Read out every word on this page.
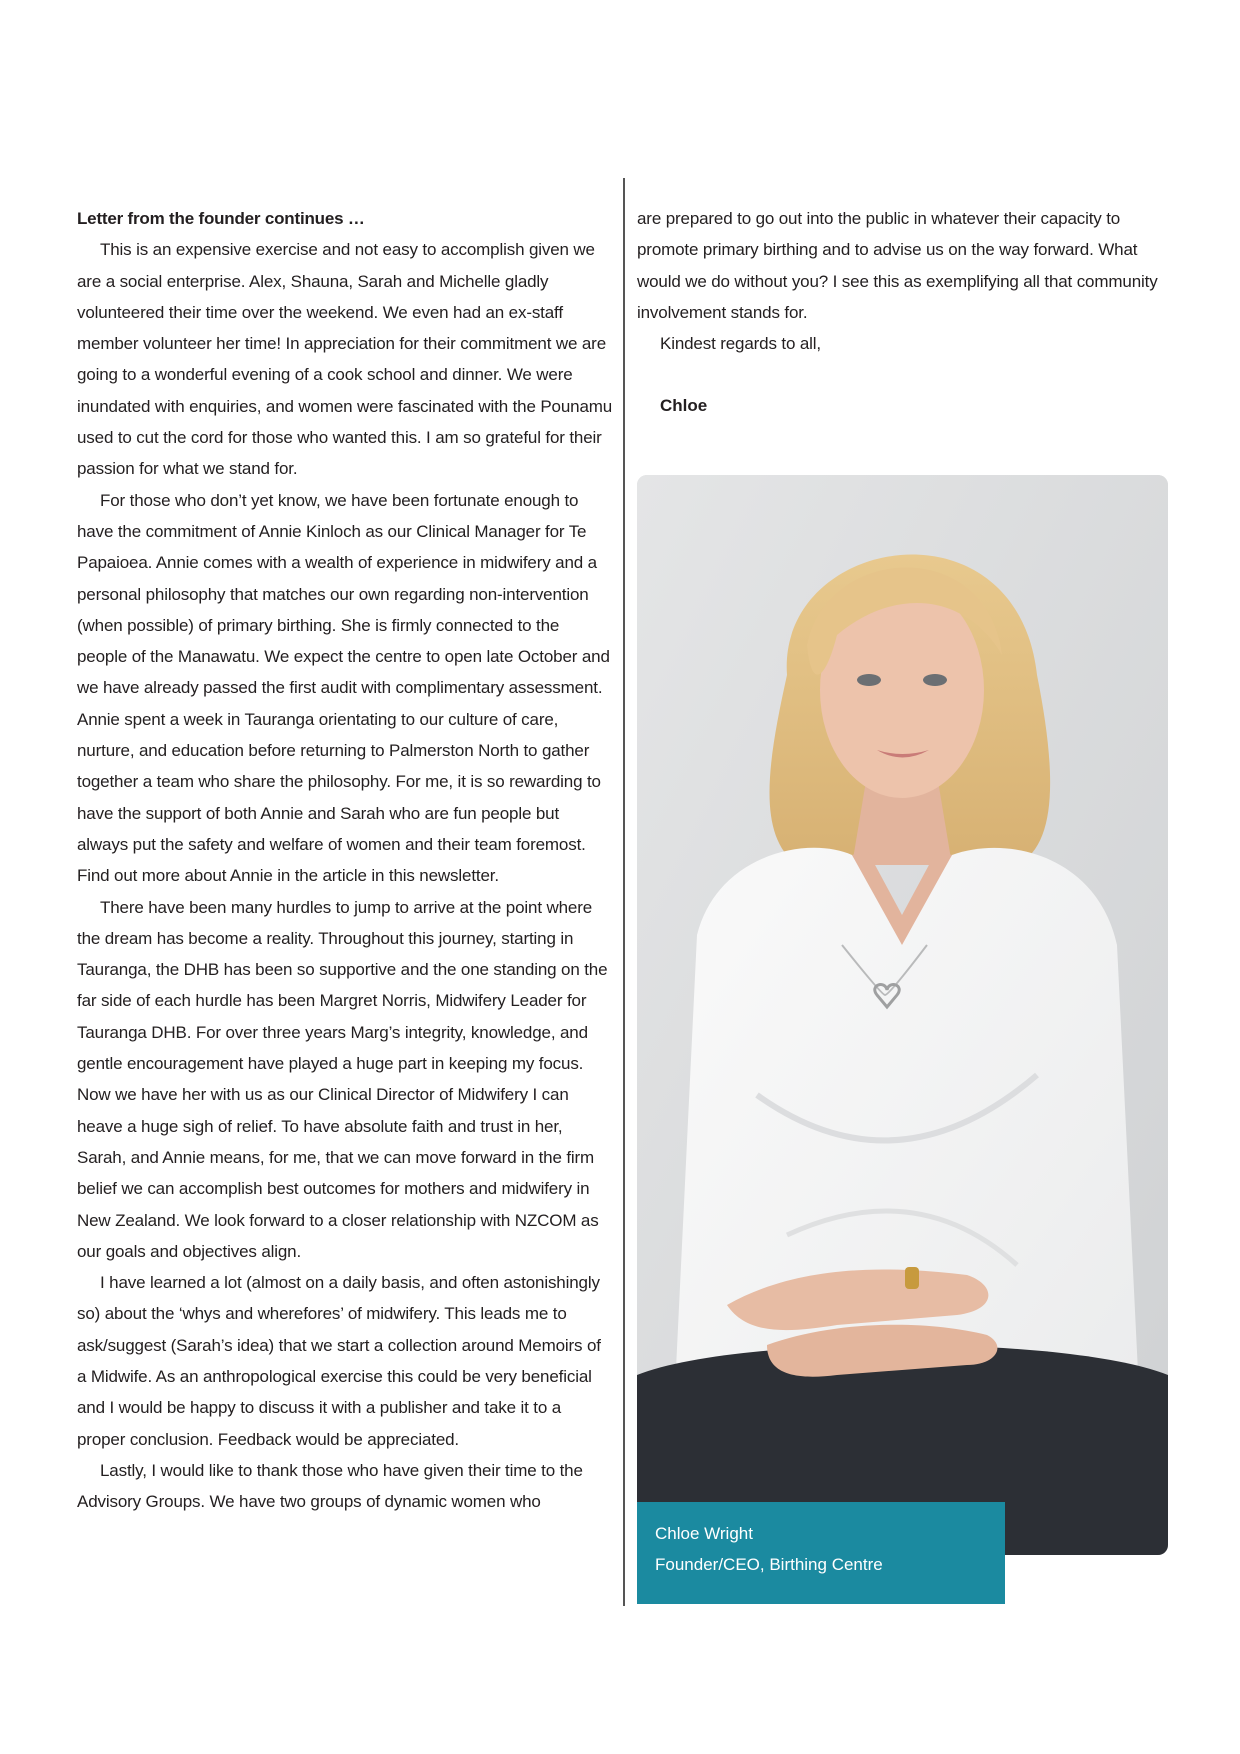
Letter from the founder continues …

This is an expensive exercise and not easy to accomplish given we are a social enterprise. Alex, Shauna, Sarah and Michelle gladly volunteered their time over the weekend. We even had an ex-staff member volunteer her time! In appreciation for their commitment we are going to a wonderful evening of a cook school and dinner. We were inundated with enquiries, and women were fascinated with the Pounamu used to cut the cord for those who wanted this. I am so grateful for their passion for what we stand for.

For those who don’t yet know, we have been fortunate enough to have the commitment of Annie Kinloch as our Clinical Manager for Te Papaioea. Annie comes with a wealth of experience in midwifery and a personal philosophy that matches our own regarding non-intervention (when possible) of primary birthing. She is firmly connected to the people of the Manawatu. We expect the centre to open late October and we have already passed the first audit with complimentary assessment. Annie spent a week in Tauranga orientating to our culture of care, nurture, and education before returning to Palmerston North to gather together a team who share the philosophy. For me, it is so rewarding to have the support of both Annie and Sarah who are fun people but always put the safety and welfare of women and their team foremost. Find out more about Annie in the article in this newsletter.

There have been many hurdles to jump to arrive at the point where the dream has become a reality. Throughout this journey, starting in Tauranga, the DHB has been so supportive and the one standing on the far side of each hurdle has been Margret Norris, Midwifery Leader for Tauranga DHB. For over three years Marg’s integrity, knowledge, and gentle encouragement have played a huge part in keeping my focus. Now we have her with us as our Clinical Director of Midwifery I can heave a huge sigh of relief. To have absolute faith and trust in her, Sarah, and Annie means, for me, that we can move forward in the firm belief we can accomplish best outcomes for mothers and midwifery in New Zealand. We look forward to a closer relationship with NZCOM as our goals and objectives align.

I have learned a lot (almost on a daily basis, and often astonishingly so) about the ‘whys and wherefores’ of midwifery. This leads me to ask/suggest (Sarah’s idea) that we start a collection around Memoirs of a Midwife. As an anthropological exercise this could be very beneficial and I would be happy to discuss it with a publisher and take it to a proper conclusion. Feedback would be appreciated.

Lastly, I would like to thank those who have given their time to the Advisory Groups. We have two groups of dynamic women who

are prepared to go out into the public in whatever their capacity to promote primary birthing and to advise us on the way forward. What would we do without you? I see this as exemplifying all that community involvement stands for.

Kindest regards to all,

Chloe
Chloe Wright
Founder/CEO, Birthing Centre
